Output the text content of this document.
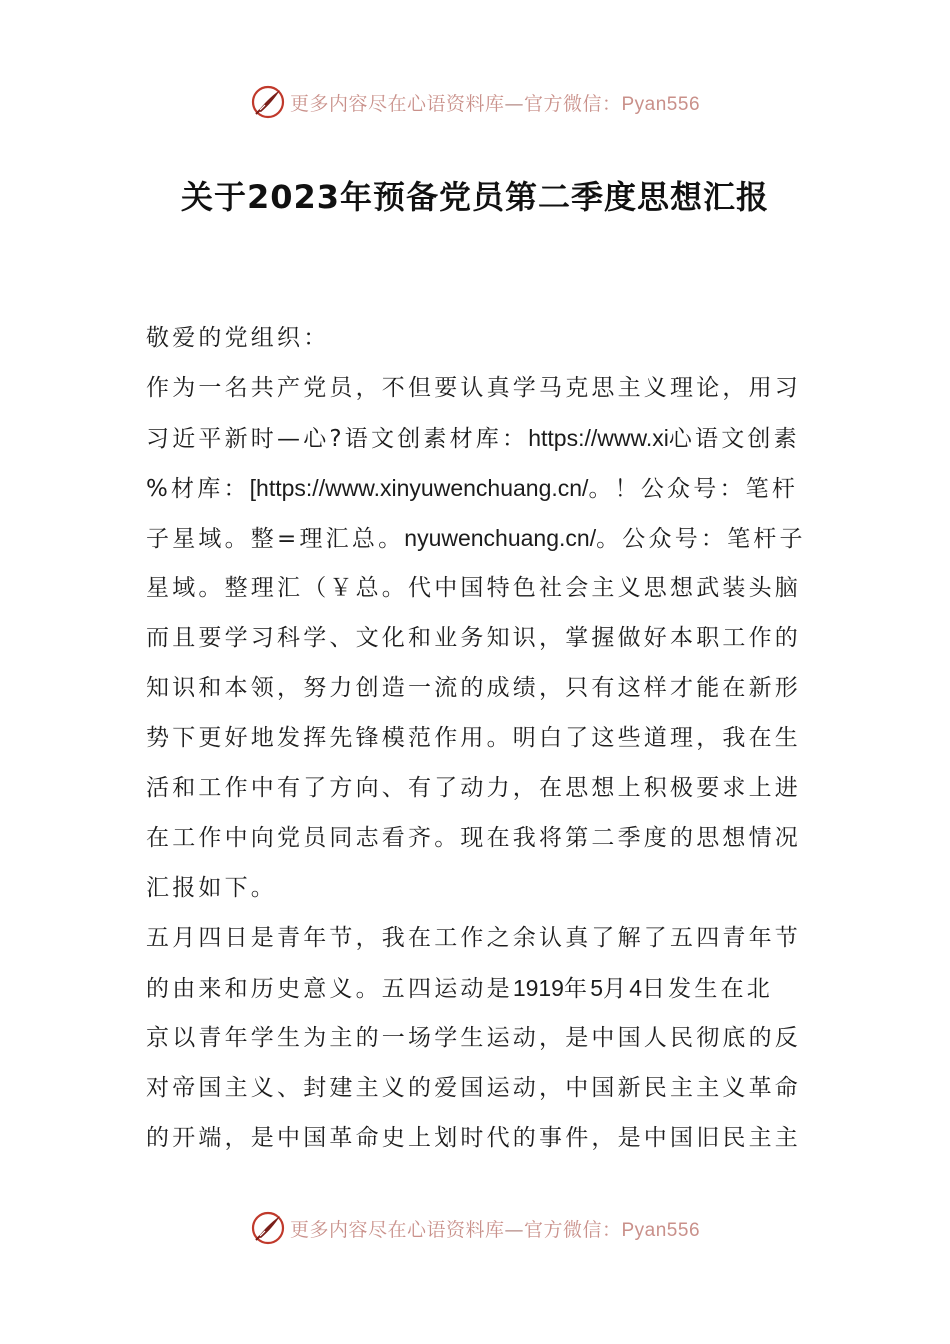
更多内容尽在心语资料库—官方微信：Pyan556
关于2023年预备党员第二季度思想汇报
敬爱的党组织：
作为一名共产党员，不但要认真学马克思主义理论，用习
习近平新时—心?语文创素材库：https://www.xi心语文创素
%材库：[https://www.xinyuwenchuang.cn/。！公众号：笔杆
子星域。整=理汇总。nyuwenchuang.cn/。公众号：笔杆子
星域。整理汇（￥总。代中国特色社会主义思想武装头脑
而且要学习科学、文化和业务知识，掌握做好本职工作的
知识和本领，努力创造一流的成绩，只有这样才能在新形
势下更好地发挥先锋模范作用。明白了这些道理，我在生
活和工作中有了方向、有了动力，在思想上积极要求上进
在工作中向党员同志看齐。现在我将第二季度的思想情况
汇报如下。
五月四日是青年节，我在工作之余认真了解了五四青年节
的由来和历史意义。五四运动是1919年5月4日发生在北
京以青年学生为主的一场学生运动，是中国人民彻底的反
对帝国主义、封建主义的爱国运动，中国新民主主义革命
的开端，是中国革命史上划时代的事件，是中国旧民主主
更多内容尽在心语资料库—官方微信：Pyan556
